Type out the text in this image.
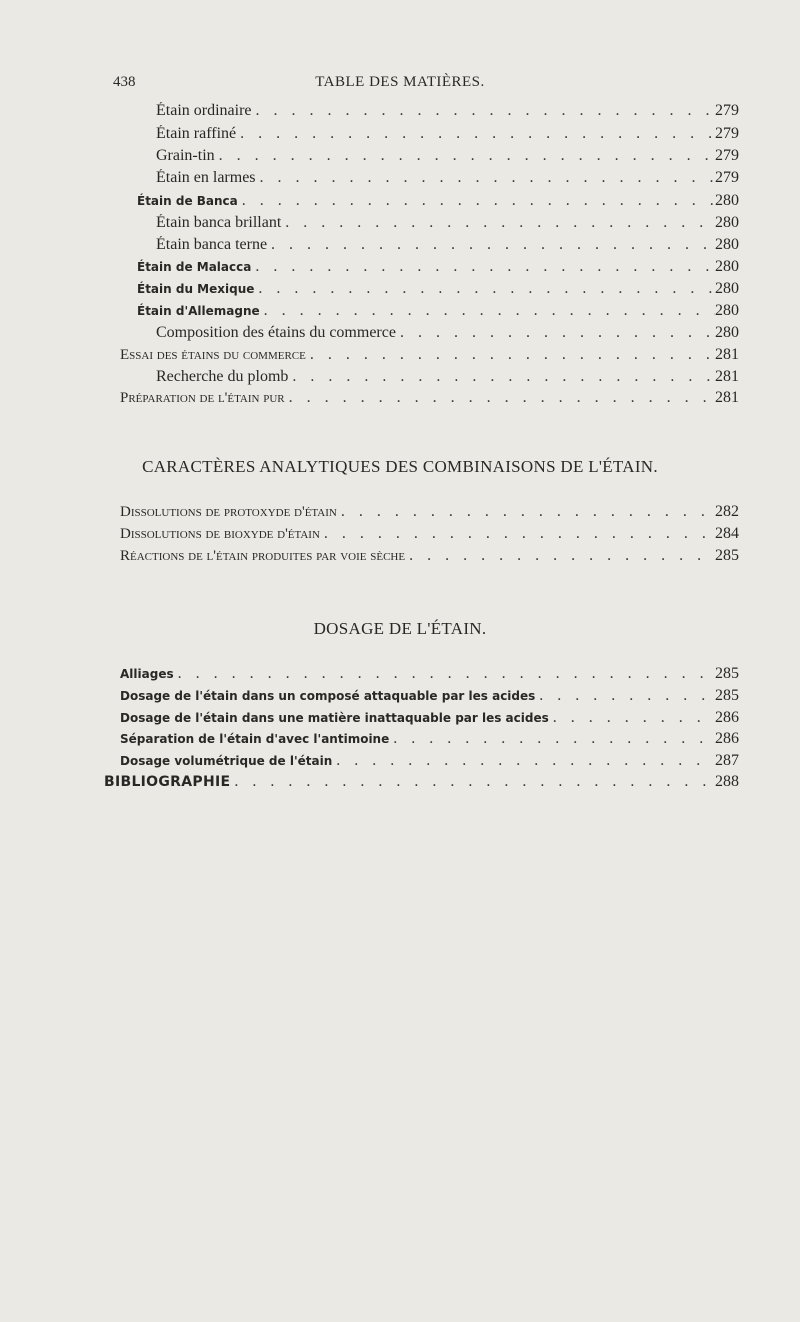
438	TABLE DES MATIÈRES.
Étain ordinaire . . .	279
Étain raffiné . . .	279
Grain-tin . . .	279
Étain en larmes . . .	279
Étain de Banca . . .	280
Étain banca brillant . . .	280
Étain banca terne . . .	280
Étain de Malacca . . .	280
Étain du Mexique . . .	280
Étain d'Allemagne . . .	280
Composition des étains du commerce . . .	280
Essai des étains du commerce . . .	281
Recherche du plomb . . .	281
Préparation de l'étain pur . . .	281
CARACTÈRES ANALYTIQUES DES COMBINAISONS DE L'ÉTAIN.
Dissolutions de protoxyde d'étain . . .	282
Dissolutions de bioxyde d'étain . . .	284
Réactions de l'étain produites par voie sèche . . .	285
DOSAGE DE L'ÉTAIN.
Alliages . . .	285
Dosage de l'étain dans un composé attaquable par les acides . . .	285
Dosage de l'étain dans une matière inattaquable par les acides . . .	286
Séparation de l'étain d'avec l'antimoine . . .	286
Dosage volumétrique de l'étain . . .	287
BIBLIOGRAPHIE . . .	288
